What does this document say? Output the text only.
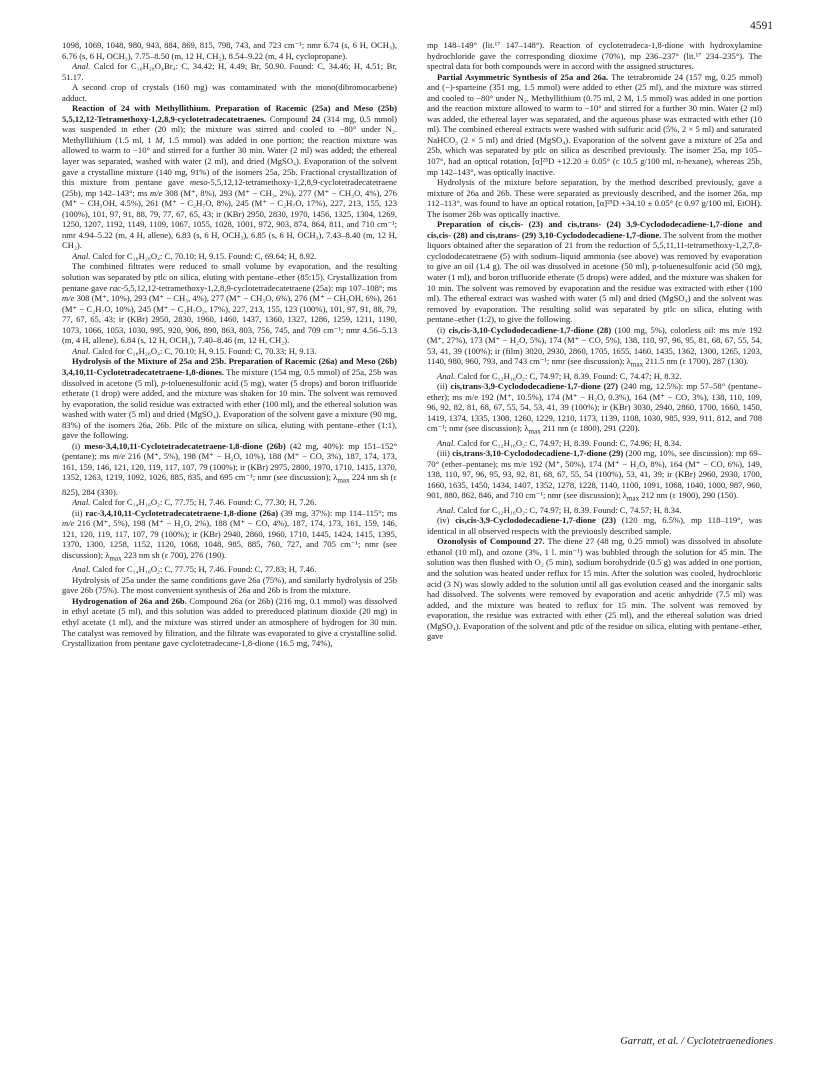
4591

1098, 1069, 1048, 980, 943, 884, 869, 815, 798, 743, and 723 cm⁻¹; nmr 6.74 (s, 6 H, OCH₃), 6.76 (s, 6 H, OCH₃), 7.75–8.50 (m, 12 H, CH₂), 8.54–9.22 (m, 4 H, cyclopropane).

Anal. Calcd for C₁₆H₂₈O₄Br₄: C, 34.42; H, 4.49; Br, 50.90. Found: C, 34.46; H, 4.51; Br, 51.17.

A second crop of crystals (160 mg) was contaminated with the mono(dibromocarbene) adduct.

Reaction of 24 with Methyllithium. Preparation of Racemic (25a) and Meso (25b) 5,5,12,12-Tetramethoxy-1,2,8,9-cyclotetradecatetraenes. Compound 24 (314 mg, 0.5 mmol) was suspended in ether (20 ml); the mixture was stirred and cooled to −80° under N₂. Methyllithium (1.5 ml, 1 M, 1.5 mmol) was added in one portion; the reaction mixture was allowed to warm to −10° and stirred for a further 30 min. Water (2 ml) was added; the ethereal layer was separated, washed with water (2 ml), and dried (MgSO₄). Evaporation of the solvent gave a crystalline mixture (140 mg, 91%) of the isomers 25a, 25b. Fractional crystallization of this mixture from pentane gave meso-5,5,12,12-tetramethoxy-1,2,8,9-cyclotetradecatetraene (25b), mp 142–143°; ms m/e 308 (M⁺, 8%), 293 (M⁺ − CH₃, 2%), 277 (M⁺ − CH₃O, 4%), 276 (M⁺ − CH₃OH, 4.5%), 261 (M⁺ − C₂H₇O, 8%), 245 (M⁺ − C₂H₇O, 17%), 227, 213, 155, 123 (100%), 101, 97, 91, 88, 79, 77, 67, 65, 43; ir (KBr) 2950, 2830, 1970, 1456, 1325, 1304, 1269, 1250, 1207, 1192, 1149, 1109, 1067, 1055, 1028, 1001, 972, 903, 874, 864, 811, and 710 cm⁻¹; nmr 4.94–5.22 (m, 4 H, allene), 6.83 (s, 6 H, OCH₃), 6.85 (s, 6 H, OCH₃), 7.43–8.40 (m, 12 H, CH₂).

Anal. Calcd for C₁₈H₂₈O₄: C, 70.10; H, 9.15. Found: C, 69.64; H, 8.92.

The combined filtrates were reduced to small volume by evaporation, and the resulting solution was separated by ptlc on silica, eluting with pentane–ether (85:15). Crystallization from pentane gave rac-5,5,12,12-tetramethoxy-1,2,8,9-cyclotetradecatetraene (25a): mp 107–108°; ms m/e 308 (M⁺, 10%), 293 (M⁺ − CH₃, 4%), 277 (M⁺ − CH₃O, 6%), 276 (M⁺ − CH₃OH, 6%), 261 (M⁺ − C₂H₇O, 10%), 245 (M⁺ − C₂H₇O₂, 17%), 227, 213, 155, 123 (100%), 101, 97, 91, 88, 79, 77, 67, 65, 43; ir (KBr) 2950, 2830, 1960, 1460, 1437, 1360, 1327, 1286, 1259, 1211, 1190, 1073, 1066, 1053, 1030, 995, 920, 906, 890, 863, 803, 756, 745, and 709 cm⁻¹; nmr 4.56–5.13 (m, 4 H, allene), 6.84 (s, 12 H, OCH₃), 7.40–8.46 (m, 12 H, CH₂).

Anal. Calcd for C₁₈H₂₈O₄: C, 70.10; H, 9.15. Found: C, 70.33; H, 9.13.

Hydrolysis of the Mixture of 25a and 25b. Preparation of Racemic (26a) and Meso (26b) 3,4,10,11-Cyclotetradecatetraene-1,8-diones. The mixture (154 mg, 0.5 mmol) of 25a, 25b was dissolved in acetone (5 ml), p-toluenesulfonic acid (5 mg), water (5 drops) and boron trifluoride etherate (1 drop) were added, and the mixture was shaken for 10 min. The solvent was removed by evaporation, the solid residue was extracted with ether (100 ml), and the ethereal solution was washed with water (5 ml) and dried (MgSO₄). Evaporation of the solvent gave a mixture (90 mg, 83%) of the isomers 26a, 26b. Ptlc of the mixture on silica, eluting with pentane–ether (1:1), gave the following.

(i) meso-3,4,10,11-Cyclotetradecatetraene-1,8-dione (26b) (42 mg, 40%): mp 151–152° (pentane); ms m/e 216 (M⁺, 5%), 198 (M⁺ − H₂O, 10%), 188 (M⁺ − CO, 3%), 187, 174, 173, 161, 159, 146, 121, 120, 119, 117, 107, 79 (100%); ir (KBr) 2975, 2800, 1970, 1710, 1415, 1370, 1352, 1263, 1219, 1092, 1026, 885, 835, and 695 cm⁻¹; nmr (see discussion); $\lambda_{max}$ 224 nm sh (ε 825), 284 (330).

Anal. Calcd for C₁₄H₁₆O₂: C, 77.75; H, 7.46. Found: C, 77.30; H, 7.26.

(ii) rac-3,4,10,11-Cyclotetradecatetraene-1,8-dione (26a) (39 mg, 37%): mp 114–115°; ms m/e 216 (M⁺, 5%), 198 (M⁺ − H₂O, 2%), 188 (M⁺ − CO, 4%), 187, 174, 173, 161, 159, 146, 121, 120, 119, 117, 107, 79 (100%); ir (KBr) 2940, 2860, 1960, 1710, 1445, 1424, 1415, 1395, 1370, 1300, 1258, 1152, 1120, 1068, 1048, 985, 885, 760, 727, and 705 cm⁻¹; nmr (see discussion); $\lambda_{max}$ 223 nm sh (ε 700), 276 (190).

Anal. Calcd for C₁₄H₁₆O₂: C, 77.75; H, 7.46. Found: C, 77.83; H, 7.46.

Hydrolysis of 25a under the same conditions gave 26a (75%), and similarly hydrolysis of 25b gave 26b (75%). The most convenient synthesis of 26a and 26b is from the mixture.

Hydrogenation of 26a and 26b. Compound 26a (or 26b) (216 mg, 0.1 mmol) was dissolved in ethyl acetate (5 ml), and this solution was added to prereduced platinum dioxide (20 mg) in ethyl acetate (1 ml), and the mixture was stirred under an atmosphere of hydrogen for 30 min. The catalyst was removed by filtration, and the filtrate was evaporated to give a crystalline solid. Crystallization from pentane gave cyclotetradecane-1,8-dione (16.5 mg, 74%),

mp 148–149° (lit.¹⁷ 147–148°). Reaction of cyclotetradeca-1,8-dione with hydroxylamine hydrochloride gave the corresponding dioxime (70%), mp 236–237° (lit.¹⁷ 234–235°). The spectral data for both compounds were in accord with the assigned structures.

Partial Asymmetric Synthesis of 25a and 26a. The tetrabromide 24 (157 mg, 0.25 mmol) and (−)-sparteine (351 mg, 1.5 mmol) were added to ether (25 ml), and the mixture was stirred and cooled to −80° under N₂. Methyllithium (0.75 ml, 2 M, 1.5 mmol) was added in one portion and the reaction mixture allowed to warm to −10° and stirred for a further 30 min. Water (2 ml) was added, the ethereal layer was separated, and the aqueous phase was extracted with ether (10 ml). The combined ethereal extracts were washed with sulfuric acid (5%, 2 × 5 ml) and saturated NaHCO₃ (2 × 5 ml) and dried (MgSO₄). Evaporation of the solvent gave a mixture of 25a and 25b, which was separated by ptlc on silica as described previously. The isomer 25a, mp 105–107°, had an optical rotation, [α]²⁵D +12.20 ± 0.05° (c 10.5 g/100 ml, n-hexane), whereas 25b, mp 142–143°, was optically inactive.

Hydrolysis of the mixture before separation, by the method described previously, gave a mixture of 26a and 26b. These were separated as previously described, and the isomer 26a, mp 112–113°, was found to have an optical rotation, [α]²⁵D +34.10 ± 0.05° (c 0.97 g/100 ml, EtOH). The isomer 26b was optically inactive.

Preparation of cis,cis- (23) and cis,trans- (24) 3,9-Cyclododecadiene-1,7-dione and cis,cis- (28) and cis,trans- (29) 3,10-Cyclododecadiene-1,7-dione. The solvent from the mother liquors obtained after the separation of 21 from the reduction of 5,5,11,11-tetramethoxy-1,2,7,8-cyclododecatetraene (5) with sodium–liquid ammonia (see above) was removed by evaporation to give an oil (1.4 g). The oil was dissolved in acetone (50 ml), p-toluenesulfonic acid (50 mg), water (1 ml), and boron trifluoride etherate (5 drops) were added, and the mixture was shaken for 10 min. The solvent was removed by evaporation and the residue was extracted with ether (100 ml). The ethereal extract was washed with water (5 ml) and dried (MgSO₄) and the solvent was removed by evaporation. The resulting solid was separated by ptlc on silica, eluting with pentane–ether (1:2), to give the following.

(i) cis,cis-3,10-Cyclododecadiene-1,7-dione (28) (100 mg, 5%), colorless oil: ms m/e 192 (M⁺, 27%), 173 (M⁺ − H₂O, 5%), 174 (M⁺ − CO, 5%), 138, 110, 97, 96, 95, 81, 68, 67, 55, 54, 53, 41, 39 (100%); ir (film) 3020, 2930, 2860, 1705, 1655, 1460, 1435, 1362, 1300, 1265, 1203, 1140, 980, 960, 793, and 743 cm⁻¹; nmr (see discussion); $\lambda_{max}$ 211.5 nm (ε 1700), 287 (130).

Anal. Calcd for C₁₂H₁₆O₂: C, 74.97; H, 8.39. Found: C, 74.47; H, 8.32.

(ii) cis,trans-3,9-Cyclododecadiene-1,7-dione (27) (240 mg, 12.5%): mp 57–58° (pentane–ether); ms m/e 192 (M⁺, 10.5%), 174 (M⁺ − H₂O, 0.3%), 164 (M⁺ − CO, 3%), 138, 110, 109, 96, 92, 82, 81, 68, 67, 55, 54, 53, 41, 39 (100%); ir (KBr) 3030, 2940, 2860, 1700, 1660, 1450, 1419, 1374, 1335, 1308, 1260, 1229, 1210, 1173, 1139, 1108, 1030, 985, 939, 911, 812, and 708 cm⁻¹; nmr (see discussion); $\lambda_{max}$ 211 nm (ε 1800), 291 (220).

Anal. Calcd for C₁₂H₁₆O₂: C, 74.97; H, 8.39. Found: C, 74.96; H, 8.34.

(iii) cis,trans-3,10-Cyclododecadiene-1,7-dione (29) (200 mg, 10%, see discussion): mp 69–70° (ether–pentane); ms m/e 192 (M⁺, 50%), 174 (M⁺ − H₂O, 8%), 164 (M⁺ − CO, 6%), 149, 138, 110, 97, 96, 95, 93, 92, 81, 68, 67, 55, 54 (100%), 53, 41, 39; ir (KBr) 2960, 2930, 1700, 1660, 1635, 1450, 1434, 1407, 1352, 1278, 1228, 1140, 1100, 1091, 1068, 1040, 1000, 987, 960, 901, 880, 862, 846, and 710 cm⁻¹; nmr (see discussion); $\lambda_{max}$ 212 nm (ε 1900), 290 (150).

Anal. Calcd for C₁₂H₁₆O₂: C, 74.97; H, 8.39. Found: C, 74.57; H, 8.34.

(iv) cis,cis-3,9-Cyclododecadiene-1,7-dione (23) (120 mg, 6.5%), mp 118–119°, was identical in all observed respects with the previously described sample.

Ozonolysis of Compound 27. The diene 27 (48 mg, 0.25 mmol) was dissolved in absolute ethanol (10 ml), and ozone (3%, 1 l. min⁻¹) was bubbled through the solution for 45 min. The solution was then flushed with O₂ (5 min), sodium borohydride (0.5 g) was added in one portion, and the solution was heated under reflux for 15 min. After the solution was cooled, hydrochloric acid (3 N) was slowly added to the solution until all gas evolution ceased and the inorganic salts had dissolved. The solvents were removed by evaporation and acetic anhydride (7.5 ml) was added, and the mixture was heated to reflux for 15 min. The solvent was removed by evaporation, the residue was extracted with ether (25 ml), and the ethereal solution was dried (MgSO₄). Evaporation of the solvent and ptlc of the residue on silica, eluting with pentane–ether, gave

Garratt, et al. / Cyclotetraenediones
